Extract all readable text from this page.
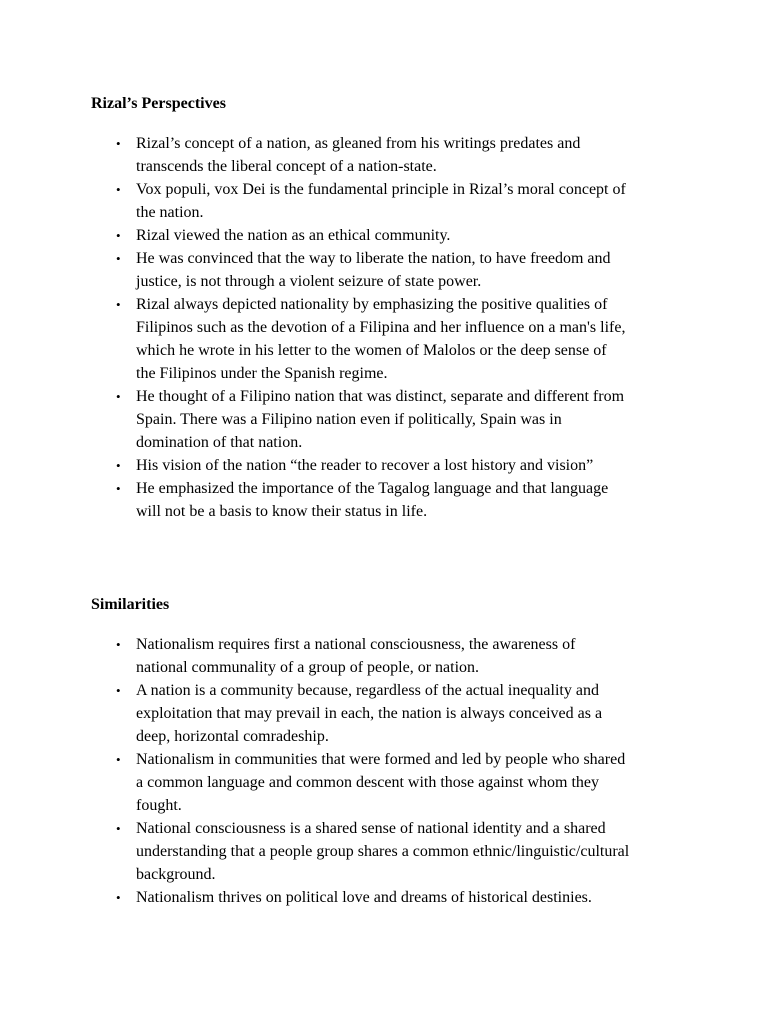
Rizal’s Perspectives
• Rizal’s concept of a nation, as gleaned from his writings predates and
transcends the liberal concept of a nation-state.
• Vox populi, vox Dei is the fundamental principle in Rizal’s moral concept of
the nation.
• Rizal viewed the nation as an ethical community.
• He was convinced that the way to liberate the nation, to have freedom and
justice, is not through a violent seizure of state power.
• Rizal always depicted nationality by emphasizing the positive qualities of
Filipinos such as the devotion of a Filipina and her influence on a man's life,
which he wrote in his letter to the women of Malolos or the deep sense of
the Filipinos under the Spanish regime.
• He thought of a Filipino nation that was distinct, separate and different from
Spain. There was a Filipino nation even if politically, Spain was in
domination of that nation.
• His vision of the nation “the reader to recover a lost history and vision”
• He emphasized the importance of the Tagalog language and that language
will not be a basis to know their status in life.
Similarities
• Nationalism requires first a national consciousness, the awareness of
national communality of a group of people, or nation.
• A nation is a community because, regardless of the actual inequality and
exploitation that may prevail in each, the nation is always conceived as a
deep, horizontal comradeship.
• Nationalism in communities that were formed and led by people who shared
a common language and common descent with those against whom they
fought.
• National consciousness is a shared sense of national identity and a shared
understanding that a people group shares a common ethnic/linguistic/cultural
background.
• Nationalism thrives on political love and dreams of historical destinies.
